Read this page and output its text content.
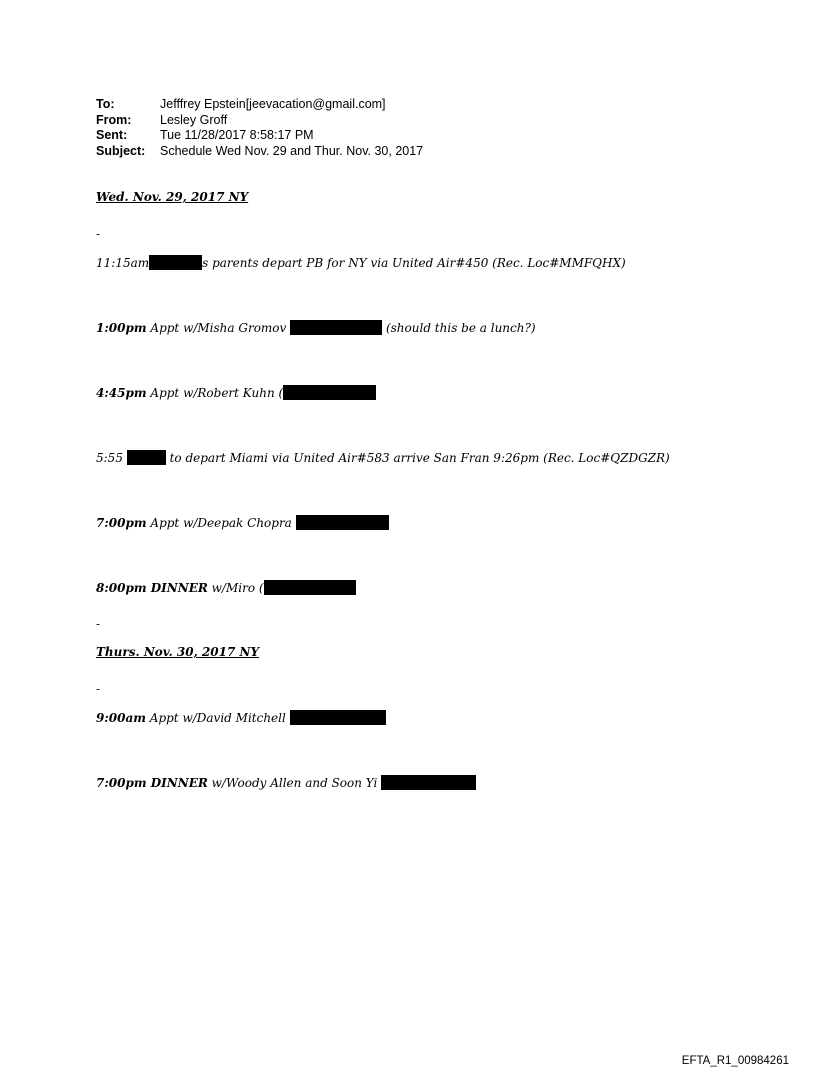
To:	Jefffrey Epstein[jeevacation@gmail.com]
From:	Lesley Groff
Sent:	Tue 11/28/2017 8:58:17 PM
Subject:	Schedule Wed Nov. 29 and Thur. Nov. 30, 2017
Wed. Nov. 29, 2017 NY
-
11:15am	s parents depart PB for NY via United Air#450 (Rec. Loc#MMFQHX)
1:00pm Appt w/Misha Gromov	(should this be a lunch?)
4:45pm Appt w/Robert Kuhn (
5:55	to depart Miami via United Air#583 arrive San Fran 9:26pm (Rec. Loc#QZDGZR)
7:00pm Appt w/Deepak Chopra
8:00pm DINNER w/Miro (
-
Thurs. Nov. 30, 2017 NY
-
9:00am Appt w/David Mitchell
7:00pm DINNER w/Woody Allen and Soon Yi
EFTA_R1_00984261
